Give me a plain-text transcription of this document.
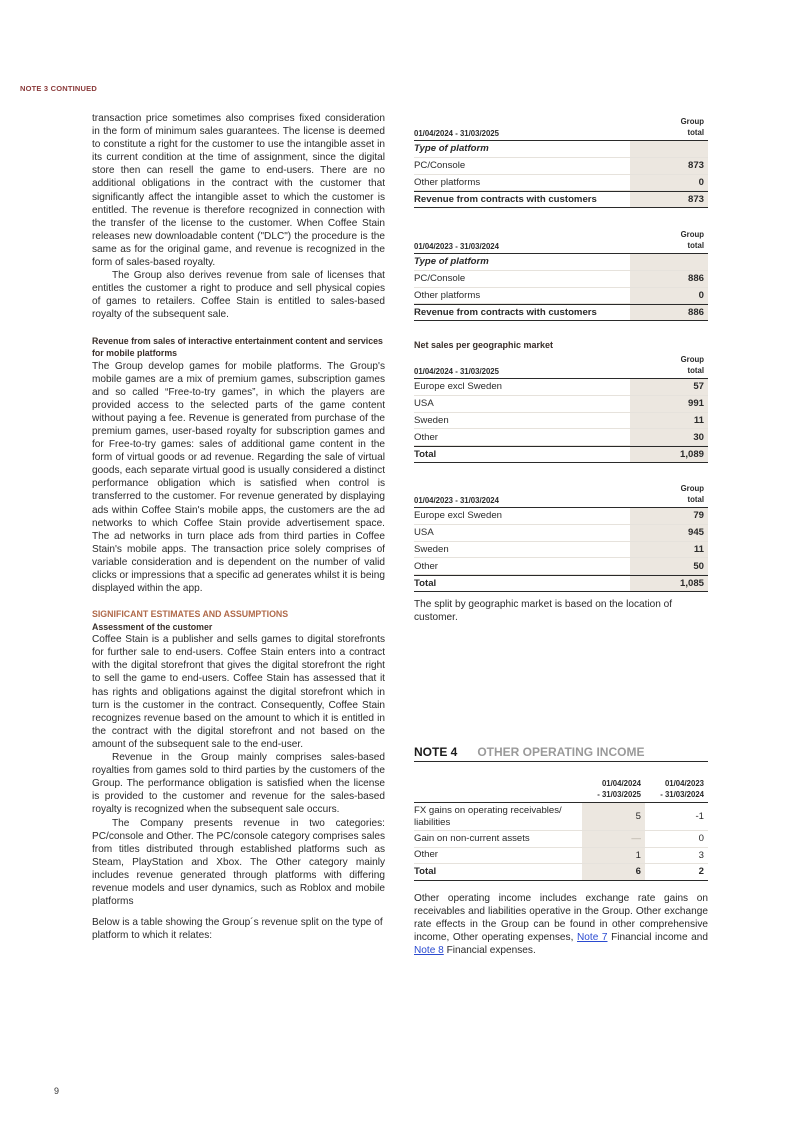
NOTE 3 CONTINUED

transaction price sometimes also comprises fixed consideration in the form of minimum sales guarantees. The license is deemed to constitute a right for the customer to use the intangible asset in its current condition at the time of assignment, since the digital store then can resell the game to end-users. There are no additional obligations in the contract with the customer that significantly affect the intangible asset to which the customer is entitled. The revenue is therefore recognized in connection with the transfer of the license to the customer. When Coffee Stain releases new downloadable content ("DLC") the procedure is the same as for the original game, and revenue is recognized in the form of sales-based royalty.

The Group also derives revenue from sale of licenses that entitles the customer a right to produce and sell physical copies of games to retailers. Coffee Stain is entitled to sales-based royalty of the subsequent sale.

Revenue from sales of interactive entertainment content and services for mobile platforms

The Group develop games for mobile platforms. The Group's mobile games are a mix of premium games, subscription games and so called “Free-to-try games”, in which the players are provided access to the selected parts of the game content without paying a fee. Revenue is generated from purchase of the premium games, user-based royalty for subscription games and for Free-to-try games: sales of additional game content in the form of virtual goods or ad revenue. Regarding the sale of virtual goods, each separate virtual good is usually considered a distinct performance obligation which is satisfied when control is transferred to the customer. For revenue generated by displaying ads within Coffee Stain's mobile apps, the customers are the ad networks to which Coffee Stain provide advertisement space. The ad networks in turn place ads from third parties in Coffee Stain's mobile apps. The transaction price solely comprises of variable consideration and is dependent on the number of valid clicks or impressions that a specific ad generates whilst it is being displayed within the app.

SIGNIFICANT ESTIMATES AND ASSUMPTIONS
Assessment of the customer

Coffee Stain is a publisher and sells games to digital storefronts for further sale to end-users. Coffee Stain enters into a contract with the digital storefront that gives the digital storefront the right to sell the game to end-users. Coffee Stain has assessed that it has rights and obligations against the digital storefront which in turn is the customer in the contract. Consequently, Coffee Stain recognizes revenue based on the amount to which it is entitled in the contract with the digital storefront and not based on the amount of the subsequent sale to the end-user.

Revenue in the Group mainly comprises sales-based royalties from games sold to third parties by the customers of the Group. The performance obligation is satisfied when the license is provided to the customer and revenue for the sales-based royalty is recognized when the subsequent sale occurs.

The Company presents revenue in two categories: PC/console and Other. The PC/console category comprises sales from titles distributed through established platforms such as Steam, PlayStation and Xbox. The Other category mainly includes revenue generated through platforms with differing revenue models and user dynamics, such as Roblox and mobile platforms

Below is a table showing the Group´s revenue split on the type of platform to which it relates:

01/04/2024 - 31/03/2025
Group
total
Type of platform
PC/Console	873
Other platforms	0
Revenue from contracts with customers	873
01/04/2023 - 31/03/2024
Group
total
Type of platform
PC/Console	886
Other platforms	0
Revenue from contracts with customers	886
Net sales per geographic market
01/04/2024 - 31/03/2025
Group
total
Europe excl Sweden	57
USA	991
Sweden	11
Other	30
Total	1,089
01/04/2023 - 31/03/2024
Group
total
Europe excl Sweden	79
USA	945
Sweden	11
Other	50
Total	1,085
The split by geographic market is based on the location of customer.
NOTE 4 OTHER OPERATING INCOME
01/04/2024
- 31/03/2025
01/04/2023
- 31/03/2024
FX gains on operating receivables/ liabilities	5	-1
Gain on non-current assets	—	0
Other	1	3
Total	6	2
Other operating income includes exchange rate gains on receivables and liabilities operative in the Group. Other exchange rate effects in the Group can be found in other comprehensive income, Other operating expenses, Note 7 Financial income and Note 8 Financial expenses.
9
